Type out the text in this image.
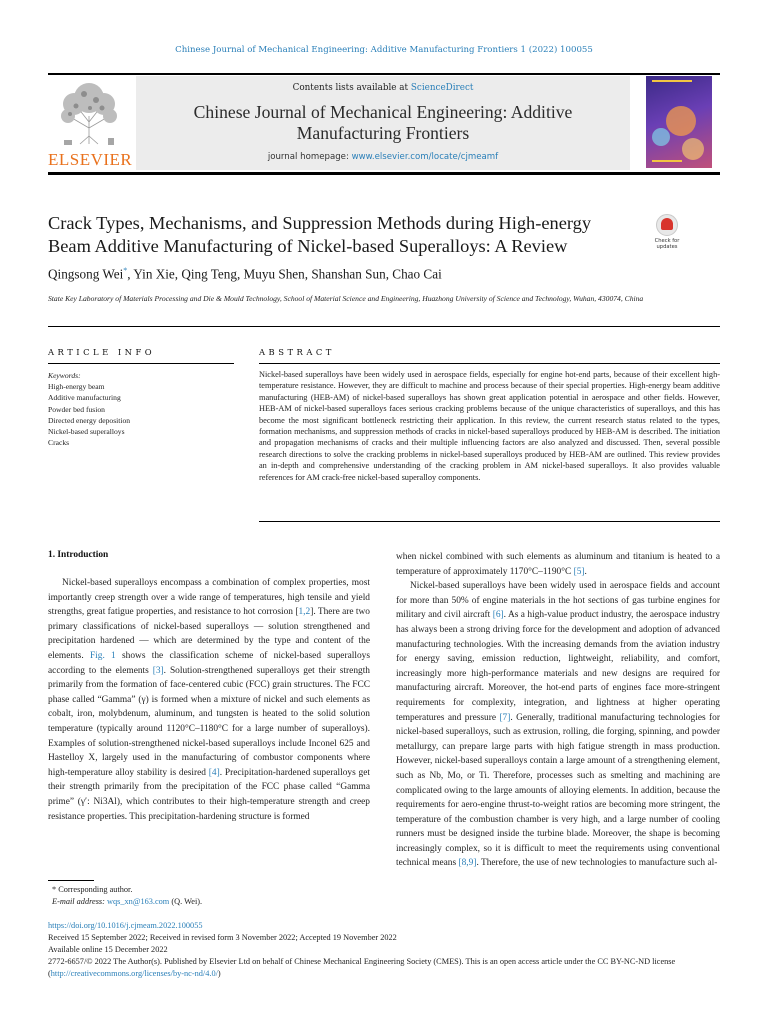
Chinese Journal of Mechanical Engineering: Additive Manufacturing Frontiers 1 (2022) 100055
ELSEVIER
Contents lists available at ScienceDirect
Chinese Journal of Mechanical Engineering: Additive Manufacturing Frontiers
journal homepage: www.elsevier.com/locate/cjmeamf
Crack Types, Mechanisms, and Suppression Methods during High-energy Beam Additive Manufacturing of Nickel-based Superalloys: A Review	Check for updates
Qingsong Wei*, Yin Xie, Qing Teng, Muyu Shen, Shanshan Sun, Chao Cai
State Key Laboratory of Materials Processing and Die & Mould Technology, School of Material Science and Engineering, Huazhong University of Science and Technology, Wuhan, 430074, China
ARTICLE INFO
Keywords:
High-energy beam
Additive manufacturing
Powder bed fusion
Directed energy deposition
Nickel-based superalloys
Cracks
ABSTRACT
Nickel-based superalloys have been widely used in aerospace fields, especially for engine hot-end parts, because of their excellent high-temperature resistance. However, they are difficult to machine and process because of their special properties. High-energy beam additive manufacturing (HEB-AM) of nickel-based superalloys has shown great application potential in aerospace and other fields. However, HEB-AM of nickel-based superalloys faces serious cracking problems because of the unique characteristics of superalloys, and this has become the most significant bottleneck restricting their application. In this review, the current research status related to the types, formation mechanisms, and suppression methods of cracks in nickel-based superalloys produced by HEB-AM is described. The initiation and propagation mechanisms of cracks and their multiple influencing factors are also analyzed and discussed. Then, several possible research directions to solve the cracking problems in nickel-based superalloys produced by HEB-AM are outlined. This review provides an in-depth and comprehensive understanding of the cracking problem in AM nickel-based superalloys. It also provides valuable references for AM crack-free nickel-based superalloy components.
1. Introduction

Nickel-based superalloys encompass a combination of complex properties, most importantly creep strength over a wide range of temperatures, high tensile and yield strengths, great fatigue properties, and resistance to hot corrosion [1,2]. There are two primary classifications of nickel-based superalloys — solution strengthened and precipitation hardened — which are determined by the type and content of the elements. Fig. 1 shows the classification scheme of nickel-based superalloys according to the elements [3]. Solution-strengthened superalloys get their strength primarily from the formation of face-centered cubic (FCC) grain structures. The FCC phase called “Gamma” (γ) is formed when a mixture of nickel and such elements as cobalt, iron, molybdenum, aluminum, and tungsten is heated to the solid solution temperature (typically around 1120°C–1180°C for a large number of superalloys). Examples of solution-strengthened nickel-based superalloys include Inconel 625 and Hastelloy X, largely used in the manufacturing of combustor components where high-temperature alloy stability is desired [4]. Precipitation-hardened superalloys get their strength primarily from the precipitation of the FCC phase called “Gamma prime” (γ′: Ni3Al), which contributes to their high-temperature strength and creep resistance properties. This precipitation-hardening structure is formed

when nickel combined with such elements as aluminum and titanium is heated to a temperature of approximately 1170°C–1190°C [5].

Nickel-based superalloys have been widely used in aerospace fields and account for more than 50% of engine materials in the hot sections of gas turbine engines for military and civil aircraft [6]. As a high-value product industry, the aerospace industry has always been a strong driving force for the development and adoption of advanced manufacturing technologies. With the increasing demands from the aviation industry for energy saving, emission reduction, lightweight, reliability, and comfort, increasingly more high-performance materials and new designs are required for manufacturing aircraft. Moreover, the hot-end parts of engines face more-stringent requirements for complexity, integration, and lightness at higher operating temperatures and pressure [7]. Generally, traditional manufacturing technologies for nickel-based superalloys, such as extrusion, rolling, die forging, spinning, and powder metallurgy, can prepare large parts with high fatigue strength in mass production. However, nickel-based superalloys contain a large amount of a strengthening element, such as Nb, Mo, or Ti. Therefore, processes such as smelting and machining are complicated owing to the large amounts of alloying elements. In addition, because the requirements for aero-engine thrust-to-weight ratios are becoming more stringent, the temperature of the combustion chamber is very high, and a large number of cooling runners must be designed inside the turbine blade. Moreover, the shape is becoming increasingly complex, so it is difficult to meet the requirements using conventional technical means [8,9]. Therefore, the use of new technologies to manufacture such al-

* Corresponding author.
E-mail address: wqs_xn@163.com (Q. Wei).
https://doi.org/10.1016/j.cjmeam.2022.100055
Received 15 September 2022; Received in revised form 3 November 2022; Accepted 19 November 2022
Available online 15 December 2022
2772-6657/© 2022 The Author(s). Published by Elsevier Ltd on behalf of Chinese Mechanical Engineering Society (CMES). This is an open access article under the CC BY-NC-ND license (http://creativecommons.org/licenses/by-nc-nd/4.0/)
